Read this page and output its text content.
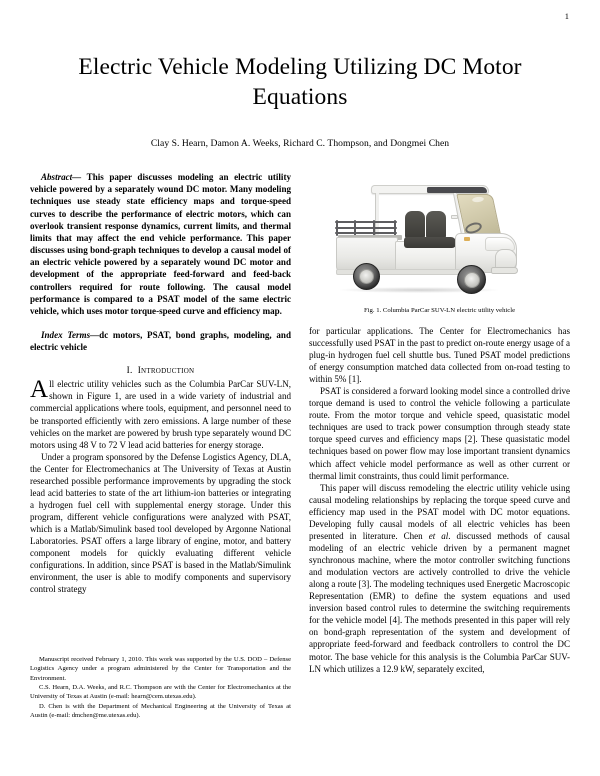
1
Electric Vehicle Modeling Utilizing DC Motor Equations
Clay S. Hearn, Damon A. Weeks, Richard C. Thompson, and Dongmei Chen

Abstract— This paper discusses modeling an electric utility vehicle powered by a separately wound DC motor. Many modeling techniques use steady state efficiency maps and torque-speed curves to describe the performance of electric motors, which can overlook transient response dynamics, current limits, and thermal limits that may affect the end vehicle performance. This paper discusses using bond-graph techniques to develop a causal model of an electric vehicle powered by a separately wound DC motor and development of the appropriate feed-forward and feed-back controllers required for route following. The causal model performance is compared to a PSAT model of the same electric vehicle, which uses motor torque-speed curve and efficiency map.

Index Terms—dc motors, PSAT, bond graphs, modeling, and electric vehicle

I. Introduction

All electric utility vehicles such as the Columbia ParCar SUV-LN, shown in Figure 1, are used in a wide variety of industrial and commercial applications where tools, equipment, and personnel need to be transported efficiently with zero emissions. A large number of these vehicles on the market are powered by brush type separately wound DC motors using 48 V to 72 V lead acid batteries for energy storage.

Under a program sponsored by the Defense Logistics Agency, DLA, the Center for Electromechanics at The University of Texas at Austin researched possible performance improvements by upgrading the stock lead acid batteries to state of the art lithium-ion batteries or integrating a hydrogen fuel cell with supplemental energy storage. Under this program, different vehicle configurations were analyzed with PSAT, which is a Matlab/Simulink based tool developed by Argonne National Laboratories. PSAT offers a large library of engine, motor, and battery component models for quickly evaluating different vehicle configurations. In addition, since PSAT is based in the Matlab/Simulink environment, the user is able to modify components and supervisory control strategy

Fig. 1. Columbia ParCar SUV-LN electric utility vehicle

for particular applications. The Center for Electromechanics has successfully used PSAT in the past to predict on-route energy usage of a plug-in hydrogen fuel cell shuttle bus. Tuned PSAT model predictions of energy consumption matched data collected from on-road testing to within 5% [1].

PSAT is considered a forward looking model since a controlled drive torque demand is used to control the vehicle following a particulate route. From the motor torque and vehicle speed, quasistatic model techniques are used to track power consumption through steady state torque speed curves and efficiency maps [2]. These quasistatic model techniques based on power flow may lose important transient dynamics which affect vehicle model performance as well as other current or thermal limit constraints, thus could limit performance.

This paper will discuss remodeling the electric utility vehicle using causal modeling relationships by replacing the torque speed curve and efficiency map used in the PSAT model with DC motor equations. Developing fully causal models of all electric vehicles has been presented in literature. Chen et al. discussed methods of causal modeling of an electric vehicle driven by a permanent magnet synchronous machine, where the motor controller switching functions and modulation vectors are actively controlled to drive the vehicle along a route [3]. The modeling techniques used Energetic Macroscopic Representation (EMR) to define the system equations and used inversion based control rules to determine the switching requirements for the vehicle model [4]. The methods presented in this paper will rely on bond-graph representation of the system and development of appropriate feed-forward and feedback controllers to control the DC motor. The base vehicle for this analysis is the Columbia ParCar SUV-LN which utilizes a 12.9 kW, separately excited,

Manuscript received February 1, 2010. This work was supported by the U.S. DOD – Defense Logistics Agency under a program administered by the Center for Transportation and the Environment.

C.S. Hearn, D.A. Weeks, and R.C. Thompson are with the Center for Electromechanics at the University of Texas at Austin (e-mail: hearn@cem.utexas.edu).

D. Chen is with the Department of Mechanical Engineering at the University of Texas at Austin (e-mail: dmchen@me.utexas.edu).
